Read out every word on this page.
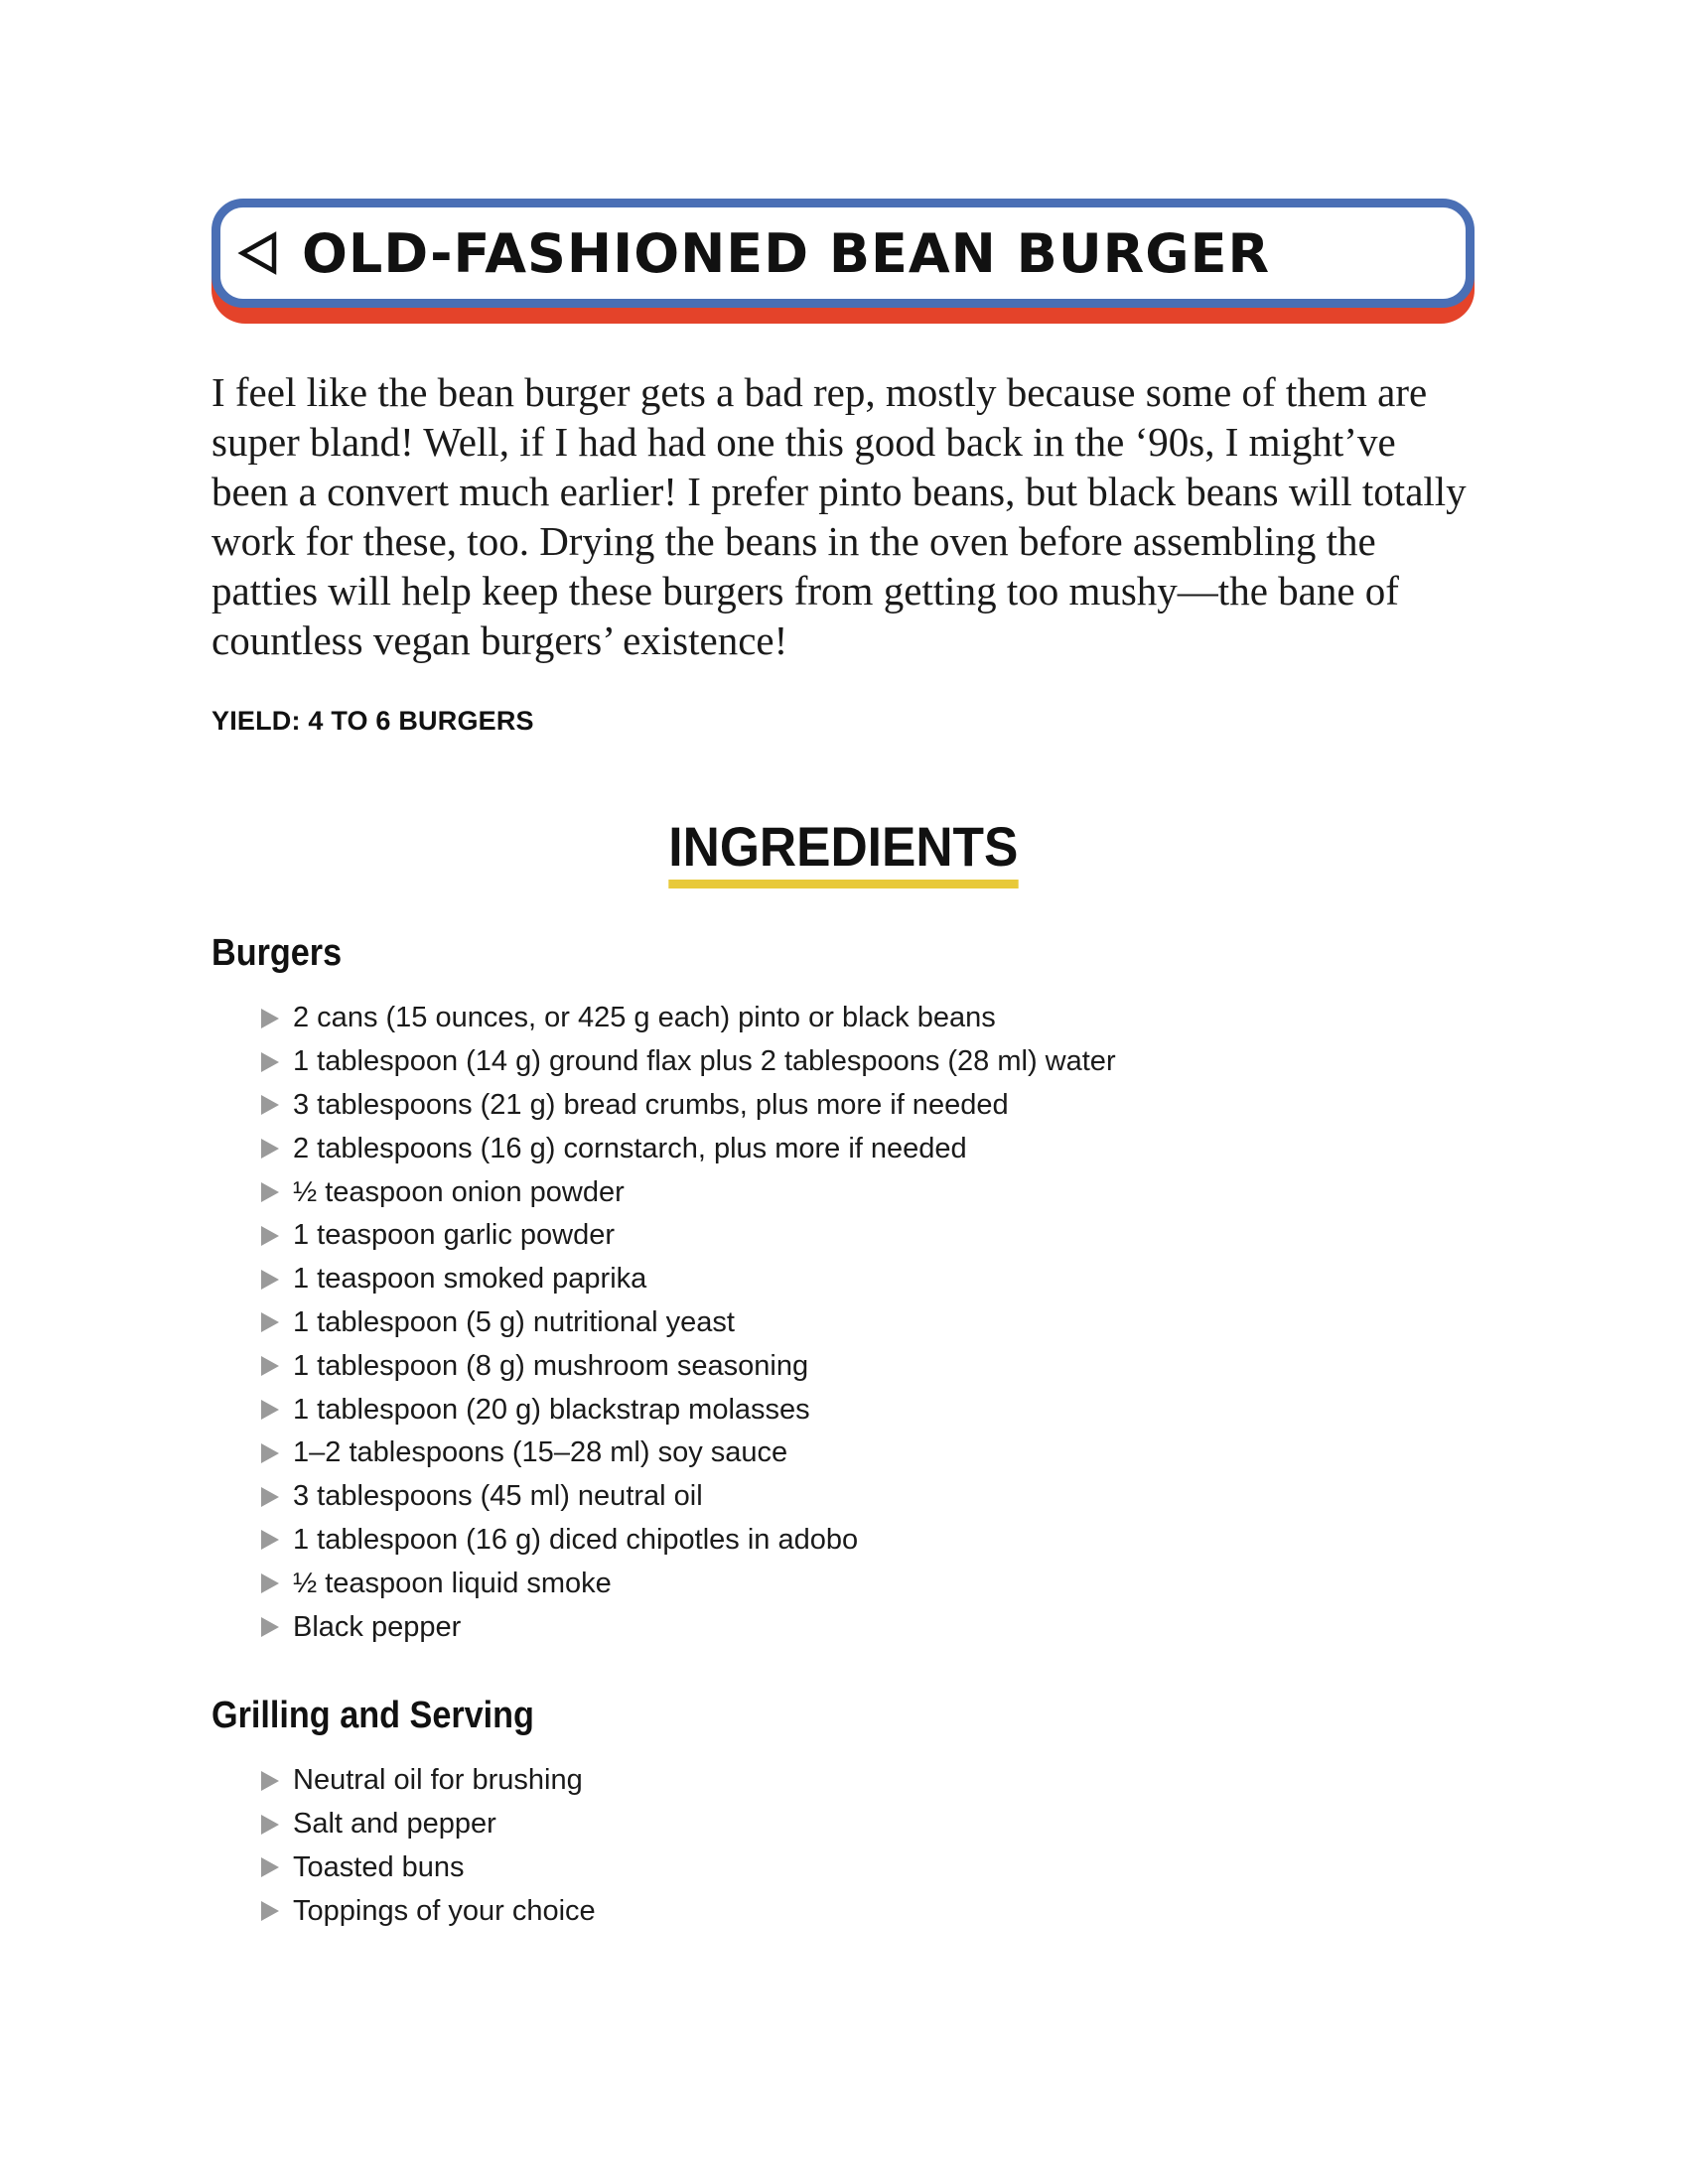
OLD-FASHIONED BEAN BURGER

I feel like the bean burger gets a bad rep, mostly because some of them are super bland! Well, if I had had one this good back in the ‘90s, I might’ve been a convert much earlier! I prefer pinto beans, but black beans will totally work for these, too. Drying the beans in the oven before assembling the patties will help keep these burgers from getting too mushy—the bane of countless vegan burgers’ existence!

YIELD: 4 TO 6 BURGERS
INGREDIENTS
Burgers
2 cans (15 ounces, or 425 g each) pinto or black beans
1 tablespoon (14 g) ground flax plus 2 tablespoons (28 ml) water
3 tablespoons (21 g) bread crumbs, plus more if needed
2 tablespoons (16 g) cornstarch, plus more if needed
½ teaspoon onion powder
1 teaspoon garlic powder
1 teaspoon smoked paprika
1 tablespoon (5 g) nutritional yeast
1 tablespoon (8 g) mushroom seasoning
1 tablespoon (20 g) blackstrap molasses
1–2 tablespoons (15–28 ml) soy sauce
3 tablespoons (45 ml) neutral oil
1 tablespoon (16 g) diced chipotles in adobo
½ teaspoon liquid smoke
Black pepper
Grilling and Serving
Neutral oil for brushing
Salt and pepper
Toasted buns
Toppings of your choice
